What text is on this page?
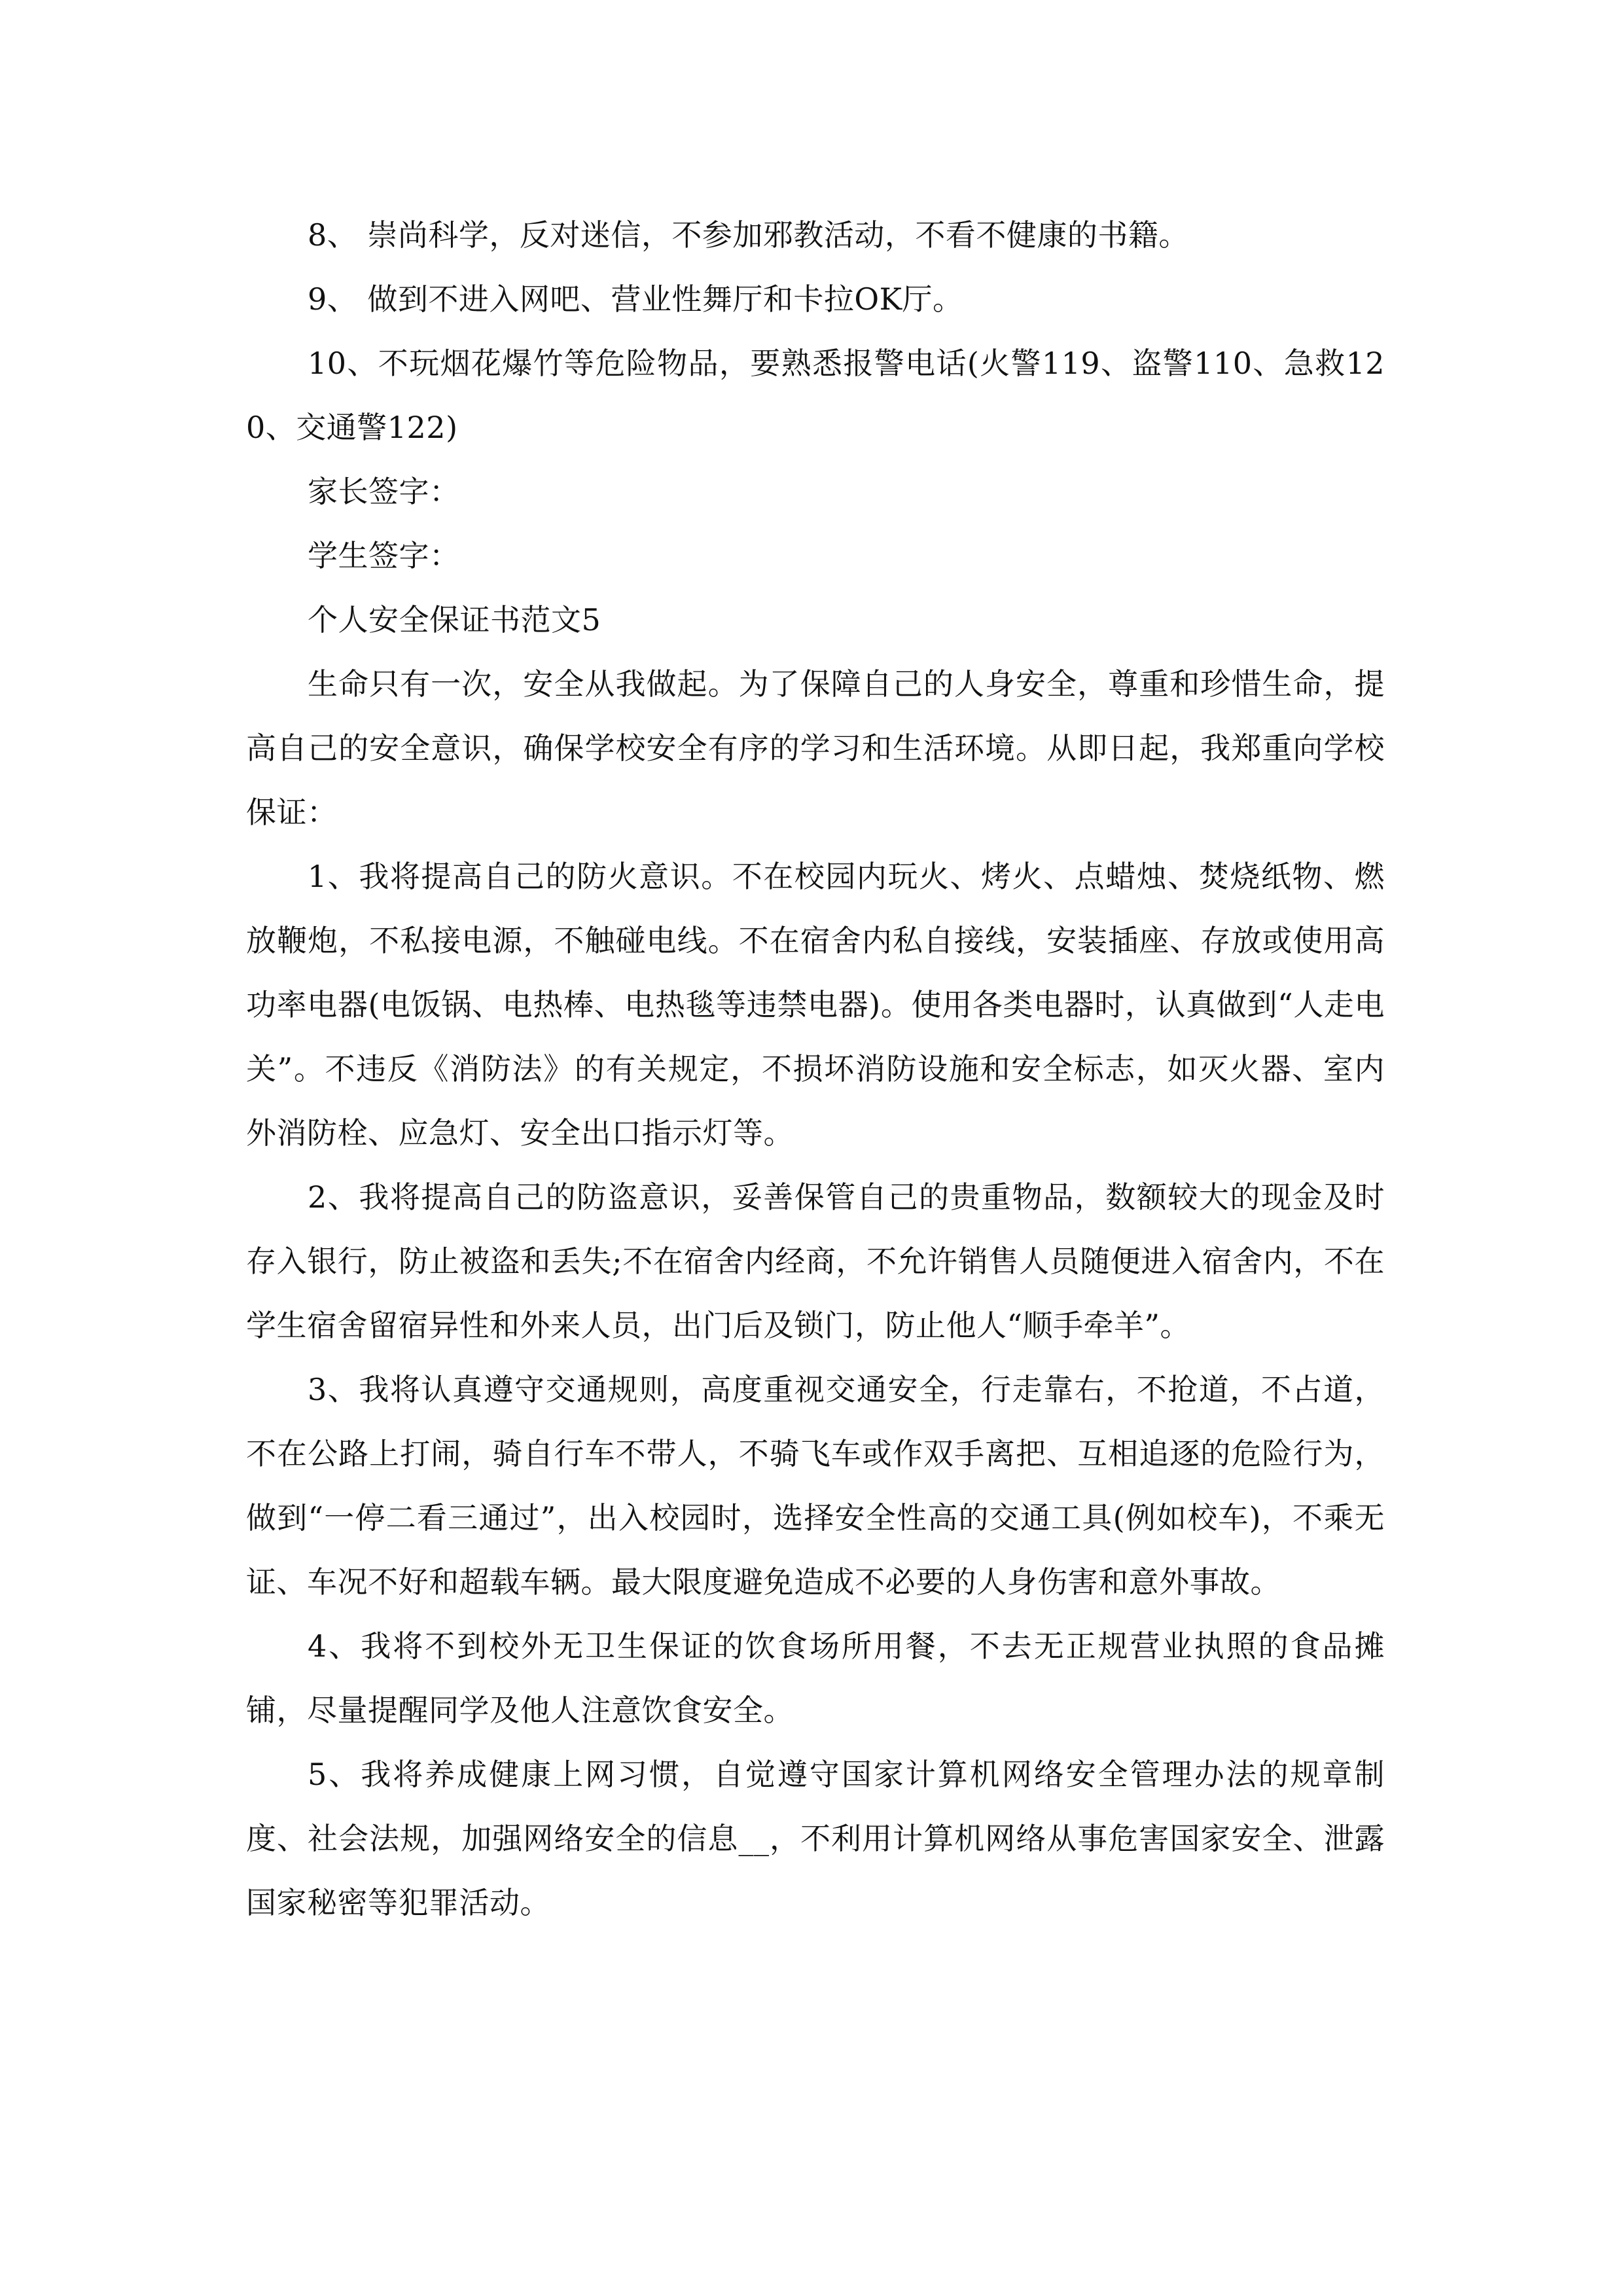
8、 崇尚科学，反对迷信，不参加邪教活动，不看不健康的书籍。

9、 做到不进入网吧、营业性舞厅和卡拉OK厅。

10、不玩烟花爆竹等危险物品，要熟悉报警电话(火警119、盗警110、急救120、交通警122)

家长签字：

学生签字：

个人安全保证书范文5

生命只有一次，安全从我做起。为了保障自己的人身安全，尊重和珍惜生命，提高自己的安全意识，确保学校安全有序的学习和生活环境。从即日起，我郑重向学校保证：

1、我将提高自己的防火意识。不在校园内玩火、烤火、点蜡烛、焚烧纸物、燃放鞭炮，不私接电源，不触碰电线。不在宿舍内私自接线，安装插座、存放或使用高功率电器(电饭锅、电热棒、电热毯等违禁电器)。使用各类电器时，认真做到“人走电关”。不违反《消防法》的有关规定，不损坏消防设施和安全标志，如灭火器、室内外消防栓、应急灯、安全出口指示灯等。

2、我将提高自己的防盗意识，妥善保管自己的贵重物品，数额较大的现金及时存入银行，防止被盗和丢失;不在宿舍内经商，不允许销售人员随便进入宿舍内，不在学生宿舍留宿异性和外来人员，出门后及锁门，防止他人“顺手牵羊”。

3、我将认真遵守交通规则，高度重视交通安全，行走靠右，不抢道，不占道，不在公路上打闹，骑自行车不带人，不骑飞车或作双手离把、互相追逐的危险行为，做到“一停二看三通过”，出入校园时，选择安全性高的交通工具(例如校车)，不乘无证、车况不好和超载车辆。最大限度避免造成不必要的人身伤害和意外事故。

4、我将不到校外无卫生保证的饮食场所用餐，不去无正规营业执照的食品摊铺，尽量提醒同学及他人注意饮食安全。

5、我将养成健康上网习惯，自觉遵守国家计算机网络安全管理办法的规章制度、社会法规，加强网络安全的信息__，不利用计算机网络从事危害国家安全、泄露国家秘密等犯罪活动。
